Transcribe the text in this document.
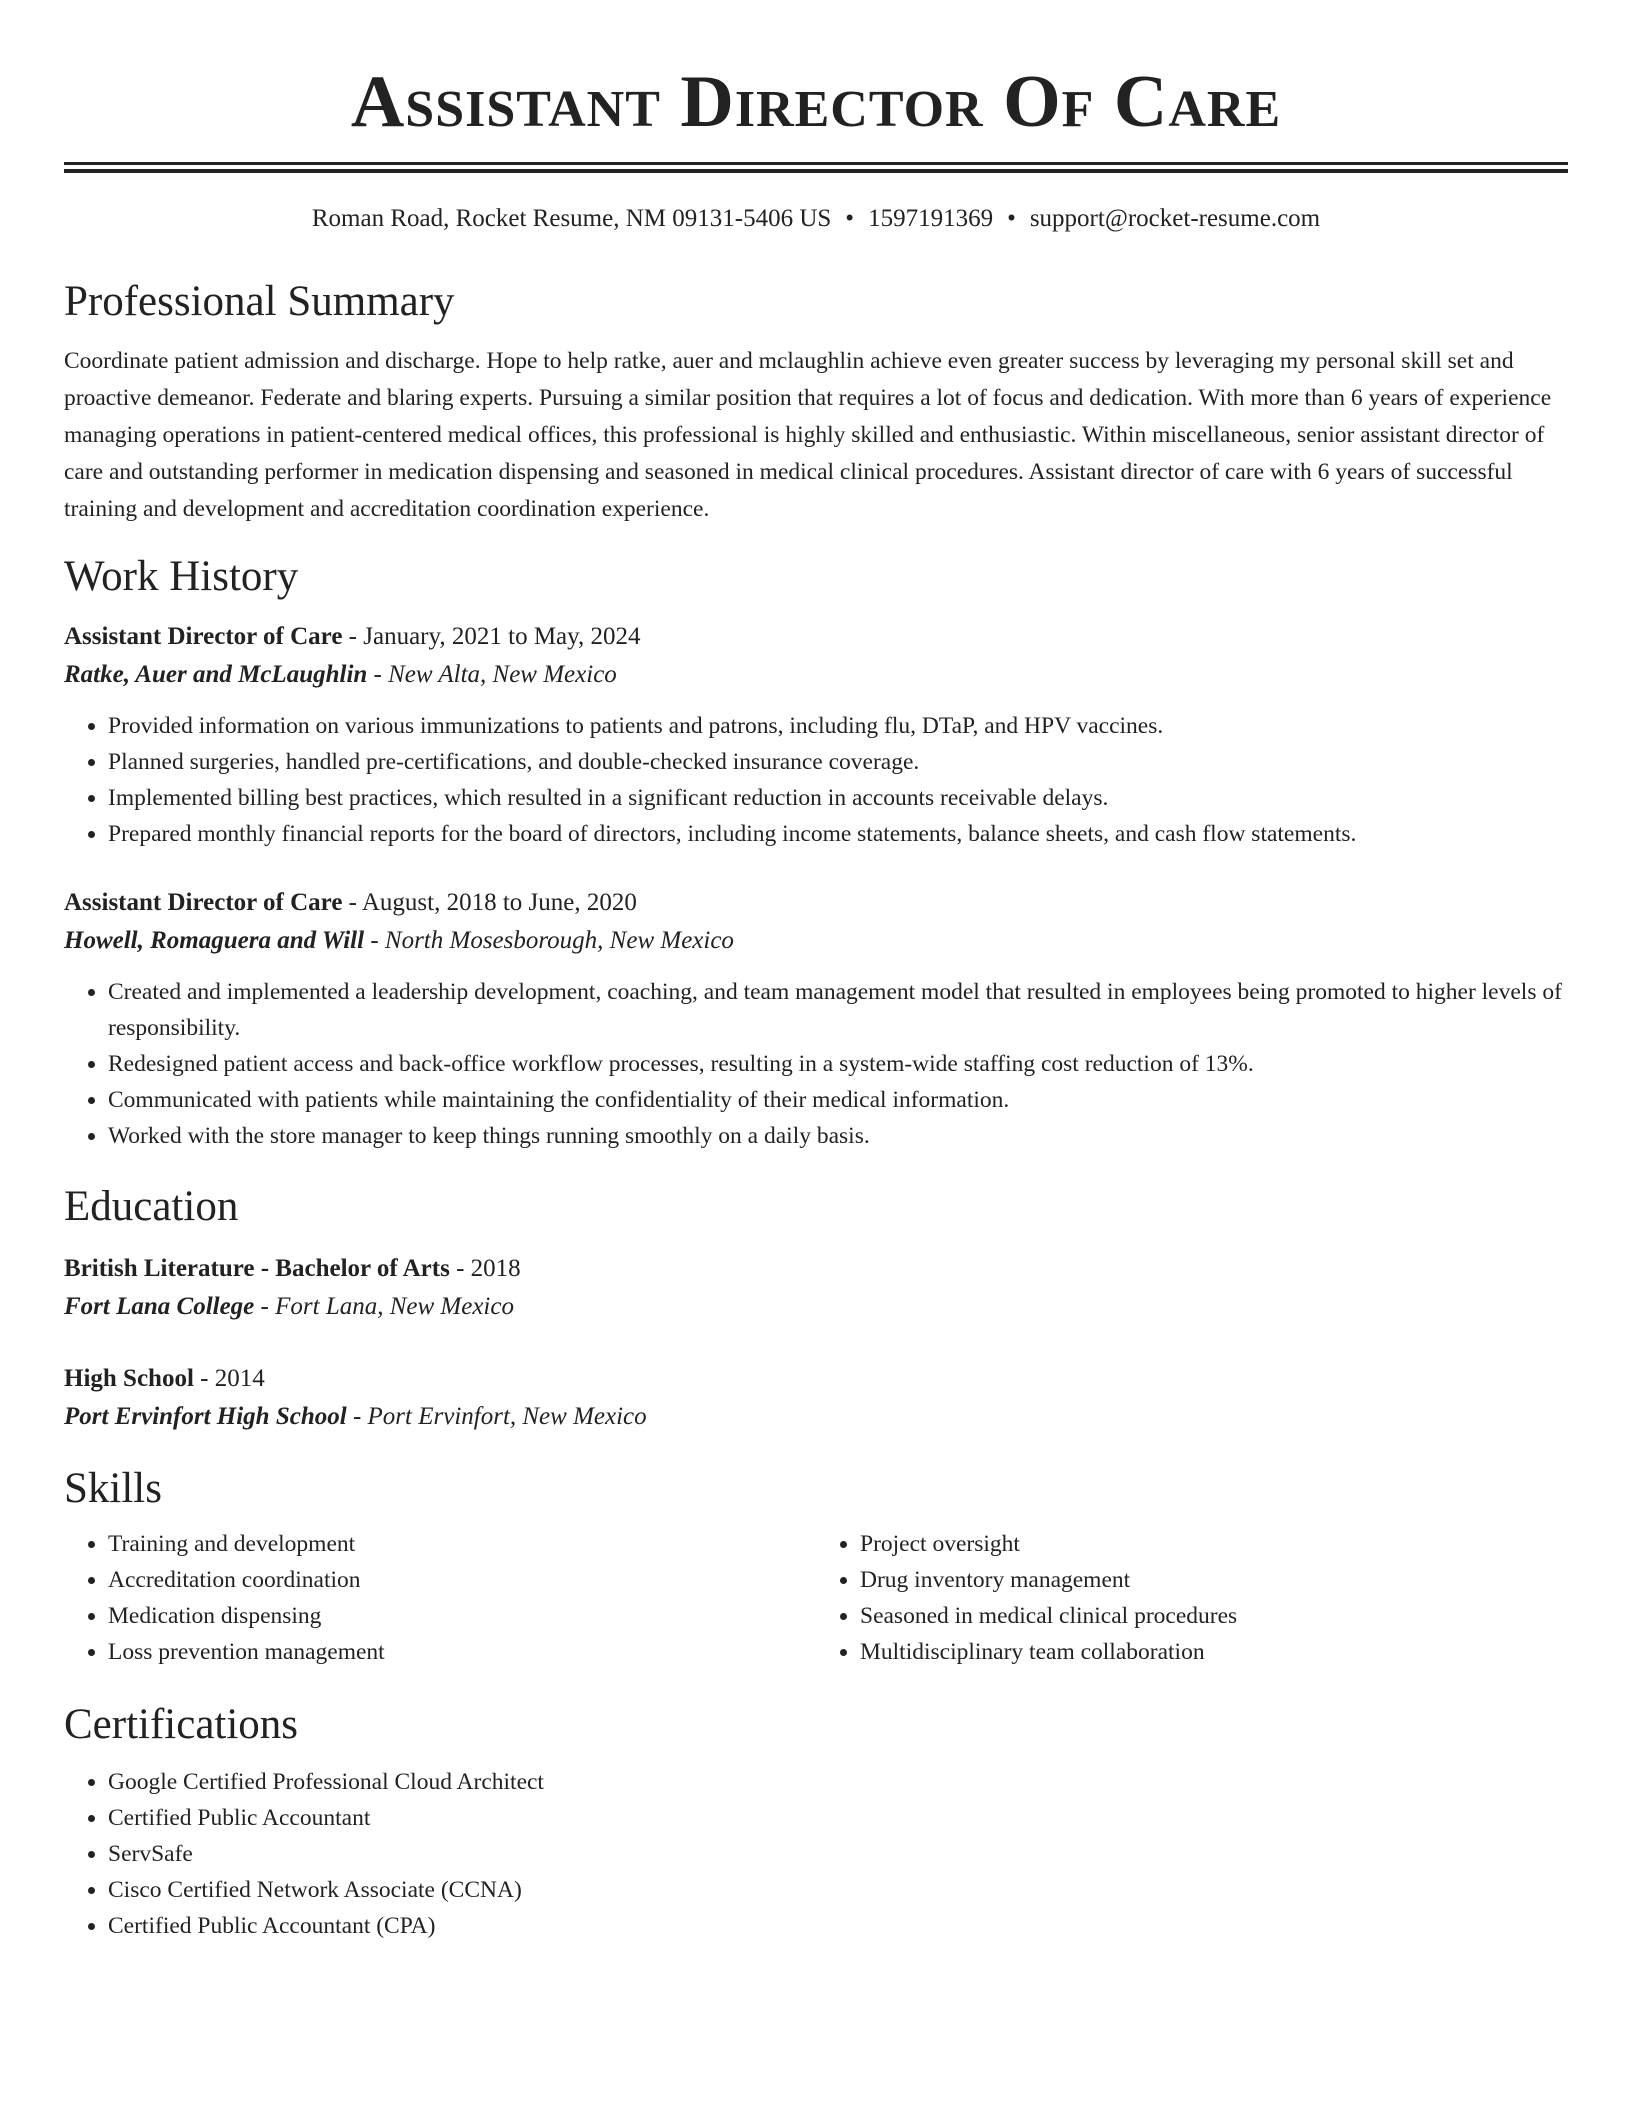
Assistant Director Of Care
Roman Road, Rocket Resume, NM 09131-5406 US • 1597191369 • support@rocket-resume.com
Professional Summary

Coordinate patient admission and discharge. Hope to help ratke, auer and mclaughlin achieve even greater success by leveraging my personal skill set and proactive demeanor. Federate and blaring experts. Pursuing a similar position that requires a lot of focus and dedication. With more than 6 years of experience managing operations in patient-centered medical offices, this professional is highly skilled and enthusiastic. Within miscellaneous, senior assistant director of care and outstanding performer in medication dispensing and seasoned in medical clinical procedures. Assistant director of care with 6 years of successful training and development and accreditation coordination experience.

Work History
Assistant Director of Care - January, 2021 to May, 2024
Ratke, Auer and McLaughlin - New Alta, New Mexico
• Provided information on various immunizations to patients and patrons, including flu, DTaP, and HPV vaccines.
• Planned surgeries, handled pre-certifications, and double-checked insurance coverage.
• Implemented billing best practices, which resulted in a significant reduction in accounts receivable delays.
• Prepared monthly financial reports for the board of directors, including income statements, balance sheets, and cash flow statements.
Assistant Director of Care - August, 2018 to June, 2020
Howell, Romaguera and Will - North Mosesborough, New Mexico
• Created and implemented a leadership development, coaching, and team management model that resulted in employees being promoted to higher levels of responsibility.
• Redesigned patient access and back-office workflow processes, resulting in a system-wide staffing cost reduction of 13%.
• Communicated with patients while maintaining the confidentiality of their medical information.
• Worked with the store manager to keep things running smoothly on a daily basis.
Education
British Literature - Bachelor of Arts - 2018
Fort Lana College - Fort Lana, New Mexico
High School - 2014
Port Ervinfort High School - Port Ervinfort, New Mexico
Skills
• Training and development
• Accreditation coordination
• Medication dispensing
• Loss prevention management
• Project oversight
• Drug inventory management
• Seasoned in medical clinical procedures
• Multidisciplinary team collaboration
Certifications
• Google Certified Professional Cloud Architect
• Certified Public Accountant
• ServSafe
• Cisco Certified Network Associate (CCNA)
• Certified Public Accountant (CPA)
